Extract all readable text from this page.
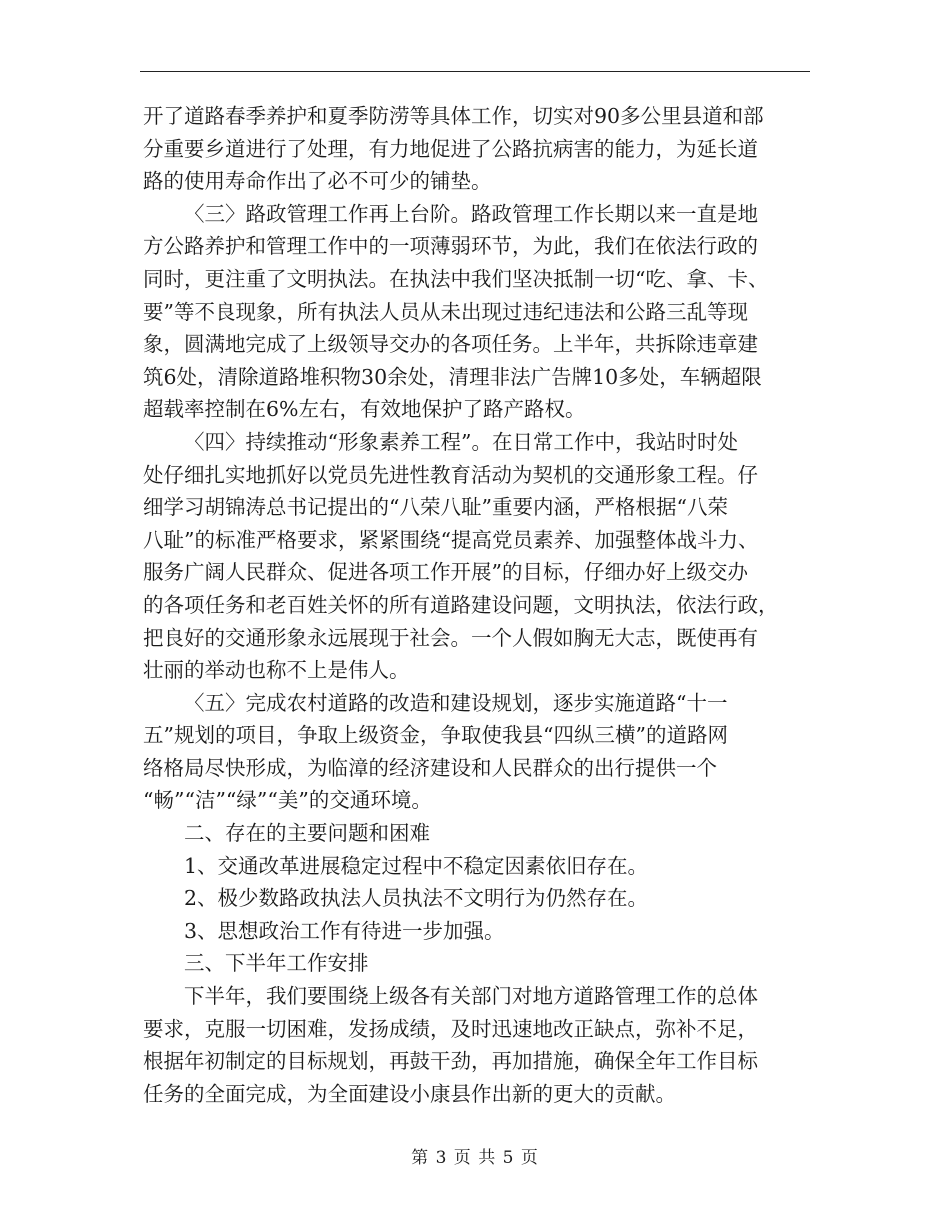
开了道路春季养护和夏季防涝等具体工作，切实对90多公里县道和部

分重要乡道进行了处理，有力地促进了公路抗病害的能力，为延长道

路的使用寿命作出了必不可少的铺垫。

〈三〉路政管理工作再上台阶。路政管理工作长期以来一直是地

方公路养护和管理工作中的一项薄弱环节，为此，我们在依法行政的

同时，更注重了文明执法。在执法中我们坚决抵制一切“吃、拿、卡、

要”等不良现象，所有执法人员从未出现过违纪违法和公路三乱等现

象，圆满地完成了上级领导交办的各项任务。上半年，共拆除违章建

筑6处，清除道路堆积物30余处，清理非法广告牌10多处，车辆超限

超载率控制在6%左右，有效地保护了路产路权。

〈四〉持续推动“形象素养工程”。在日常工作中，我站时时处

处仔细扎实地抓好以党员先进性教育活动为契机的交通形象工程。仔

细学习胡锦涛总书记提出的“八荣八耻”重要内涵，严格根据“八荣

八耻”的标准严格要求，紧紧围绕“提高党员素养、加强整体战斗力、

服务广阔人民群众、促进各项工作开展”的目标，仔细办好上级交办

的各项任务和老百姓关怀的所有道路建设问题，文明执法，依法行政，

把良好的交通形象永远展现于社会。一个人假如胸无大志，既使再有

壮丽的举动也称不上是伟人。

〈五〉完成农村道路的改造和建设规划，逐步实施道路“十一

五”规划的项目，争取上级资金，争取使我县“四纵三横”的道路网

络格局尽快形成，为临漳的经济建设和人民群众的出行提供一个

“畅”“洁”“绿”“美”的交通环境。

二、存在的主要问题和困难

1、交通改革进展稳定过程中不稳定因素依旧存在。

2、极少数路政执法人员执法不文明行为仍然存在。

3、思想政治工作有待进一步加强。

三、下半年工作安排

下半年，我们要围绕上级各有关部门对地方道路管理工作的总体

要求，克服一切困难，发扬成绩，及时迅速地改正缺点，弥补不足，

根据年初制定的目标规划，再鼓干劲，再加措施，确保全年工作目标

任务的全面完成，为全面建设小康县作出新的更大的贡献。

第 3 页 共 5 页
